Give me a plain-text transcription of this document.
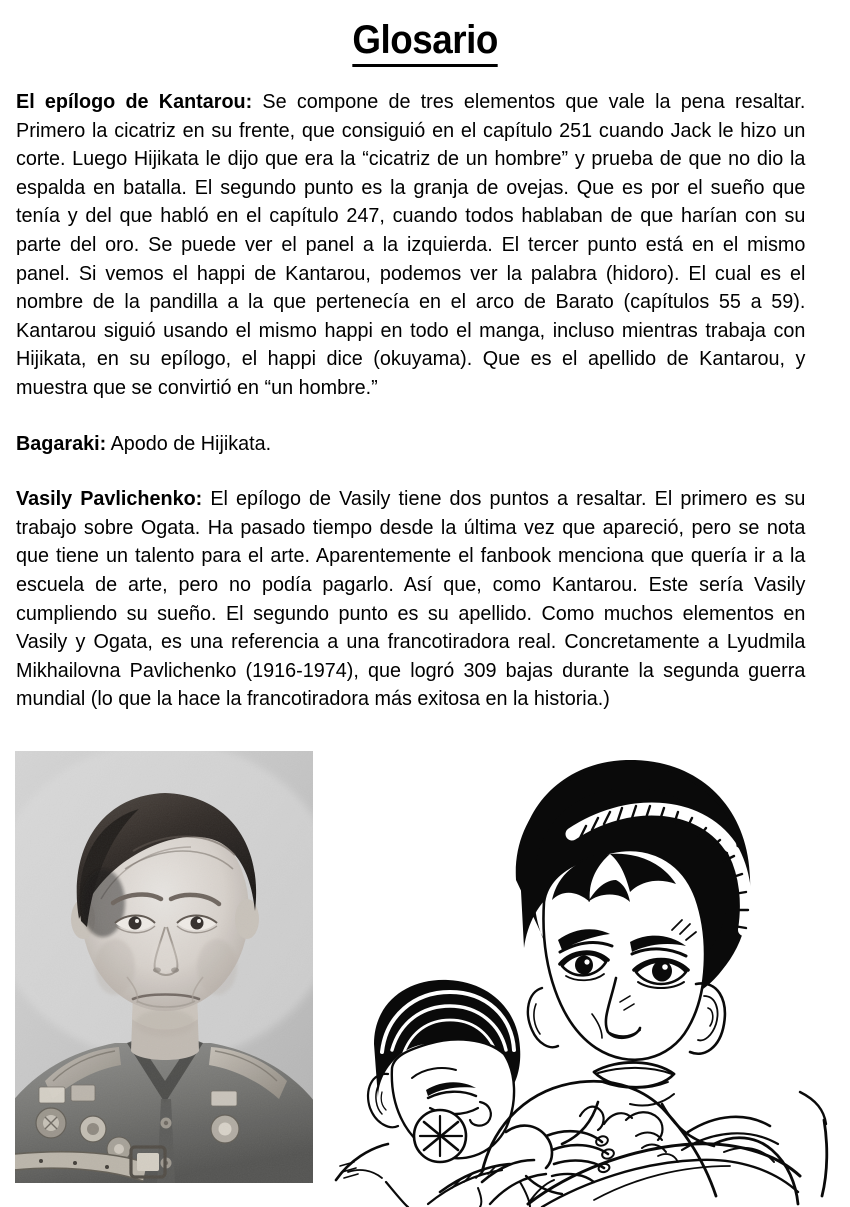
Glosario

El epílogo de Kantarou: Se compone de tres elementos que vale la pena resaltar. Primero la cicatriz en su frente, que consiguió en el capítulo 251 cuando Jack le hizo un corte. Luego Hijikata le dijo que era la “cicatriz de un hombre” y prueba de que no dio la espalda en batalla. El segundo punto es la granja de ovejas. Que es por el sueño que tenía y del que habló en el capítulo 247, cuando todos hablaban de que harían con su parte del oro. Se puede ver el panel a la izquierda. El tercer punto está en el mismo panel. Si vemos el happi de Kantarou, podemos ver la palabra (hidoro). El cual es el nombre de la pandilla a la que pertenecía en el arco de Barato (capítulos 55 a 59). Kantarou siguió usando el mismo happi en todo el manga, incluso mientras trabaja con Hijikata, en su epílogo, el happi dice (okuyama). Que es el apellido de Kantarou, y muestra que se convirtió en “un hombre.”

Bagaraki: Apodo de Hijikata.

Vasily Pavlichenko: El epílogo de Vasily tiene dos puntos a resaltar. El primero es su trabajo sobre Ogata. Ha pasado tiempo desde la última vez que apareció, pero se nota que tiene un talento para el arte. Aparentemente el fanbook menciona que quería ir a la escuela de arte, pero no podía pagarlo. Así que, como Kantarou. Este sería Vasily cumpliendo su sueño. El segundo punto es su apellido. Como muchos elementos en Vasily y Ogata, es una referencia a una francotiradora real. Concretamente a Lyudmila Mikhailovna Pavlichenko (1916-1974), que logró 309 bajas durante la segunda guerra mundial (lo que la hace la francotiradora más exitosa en la historia.)
